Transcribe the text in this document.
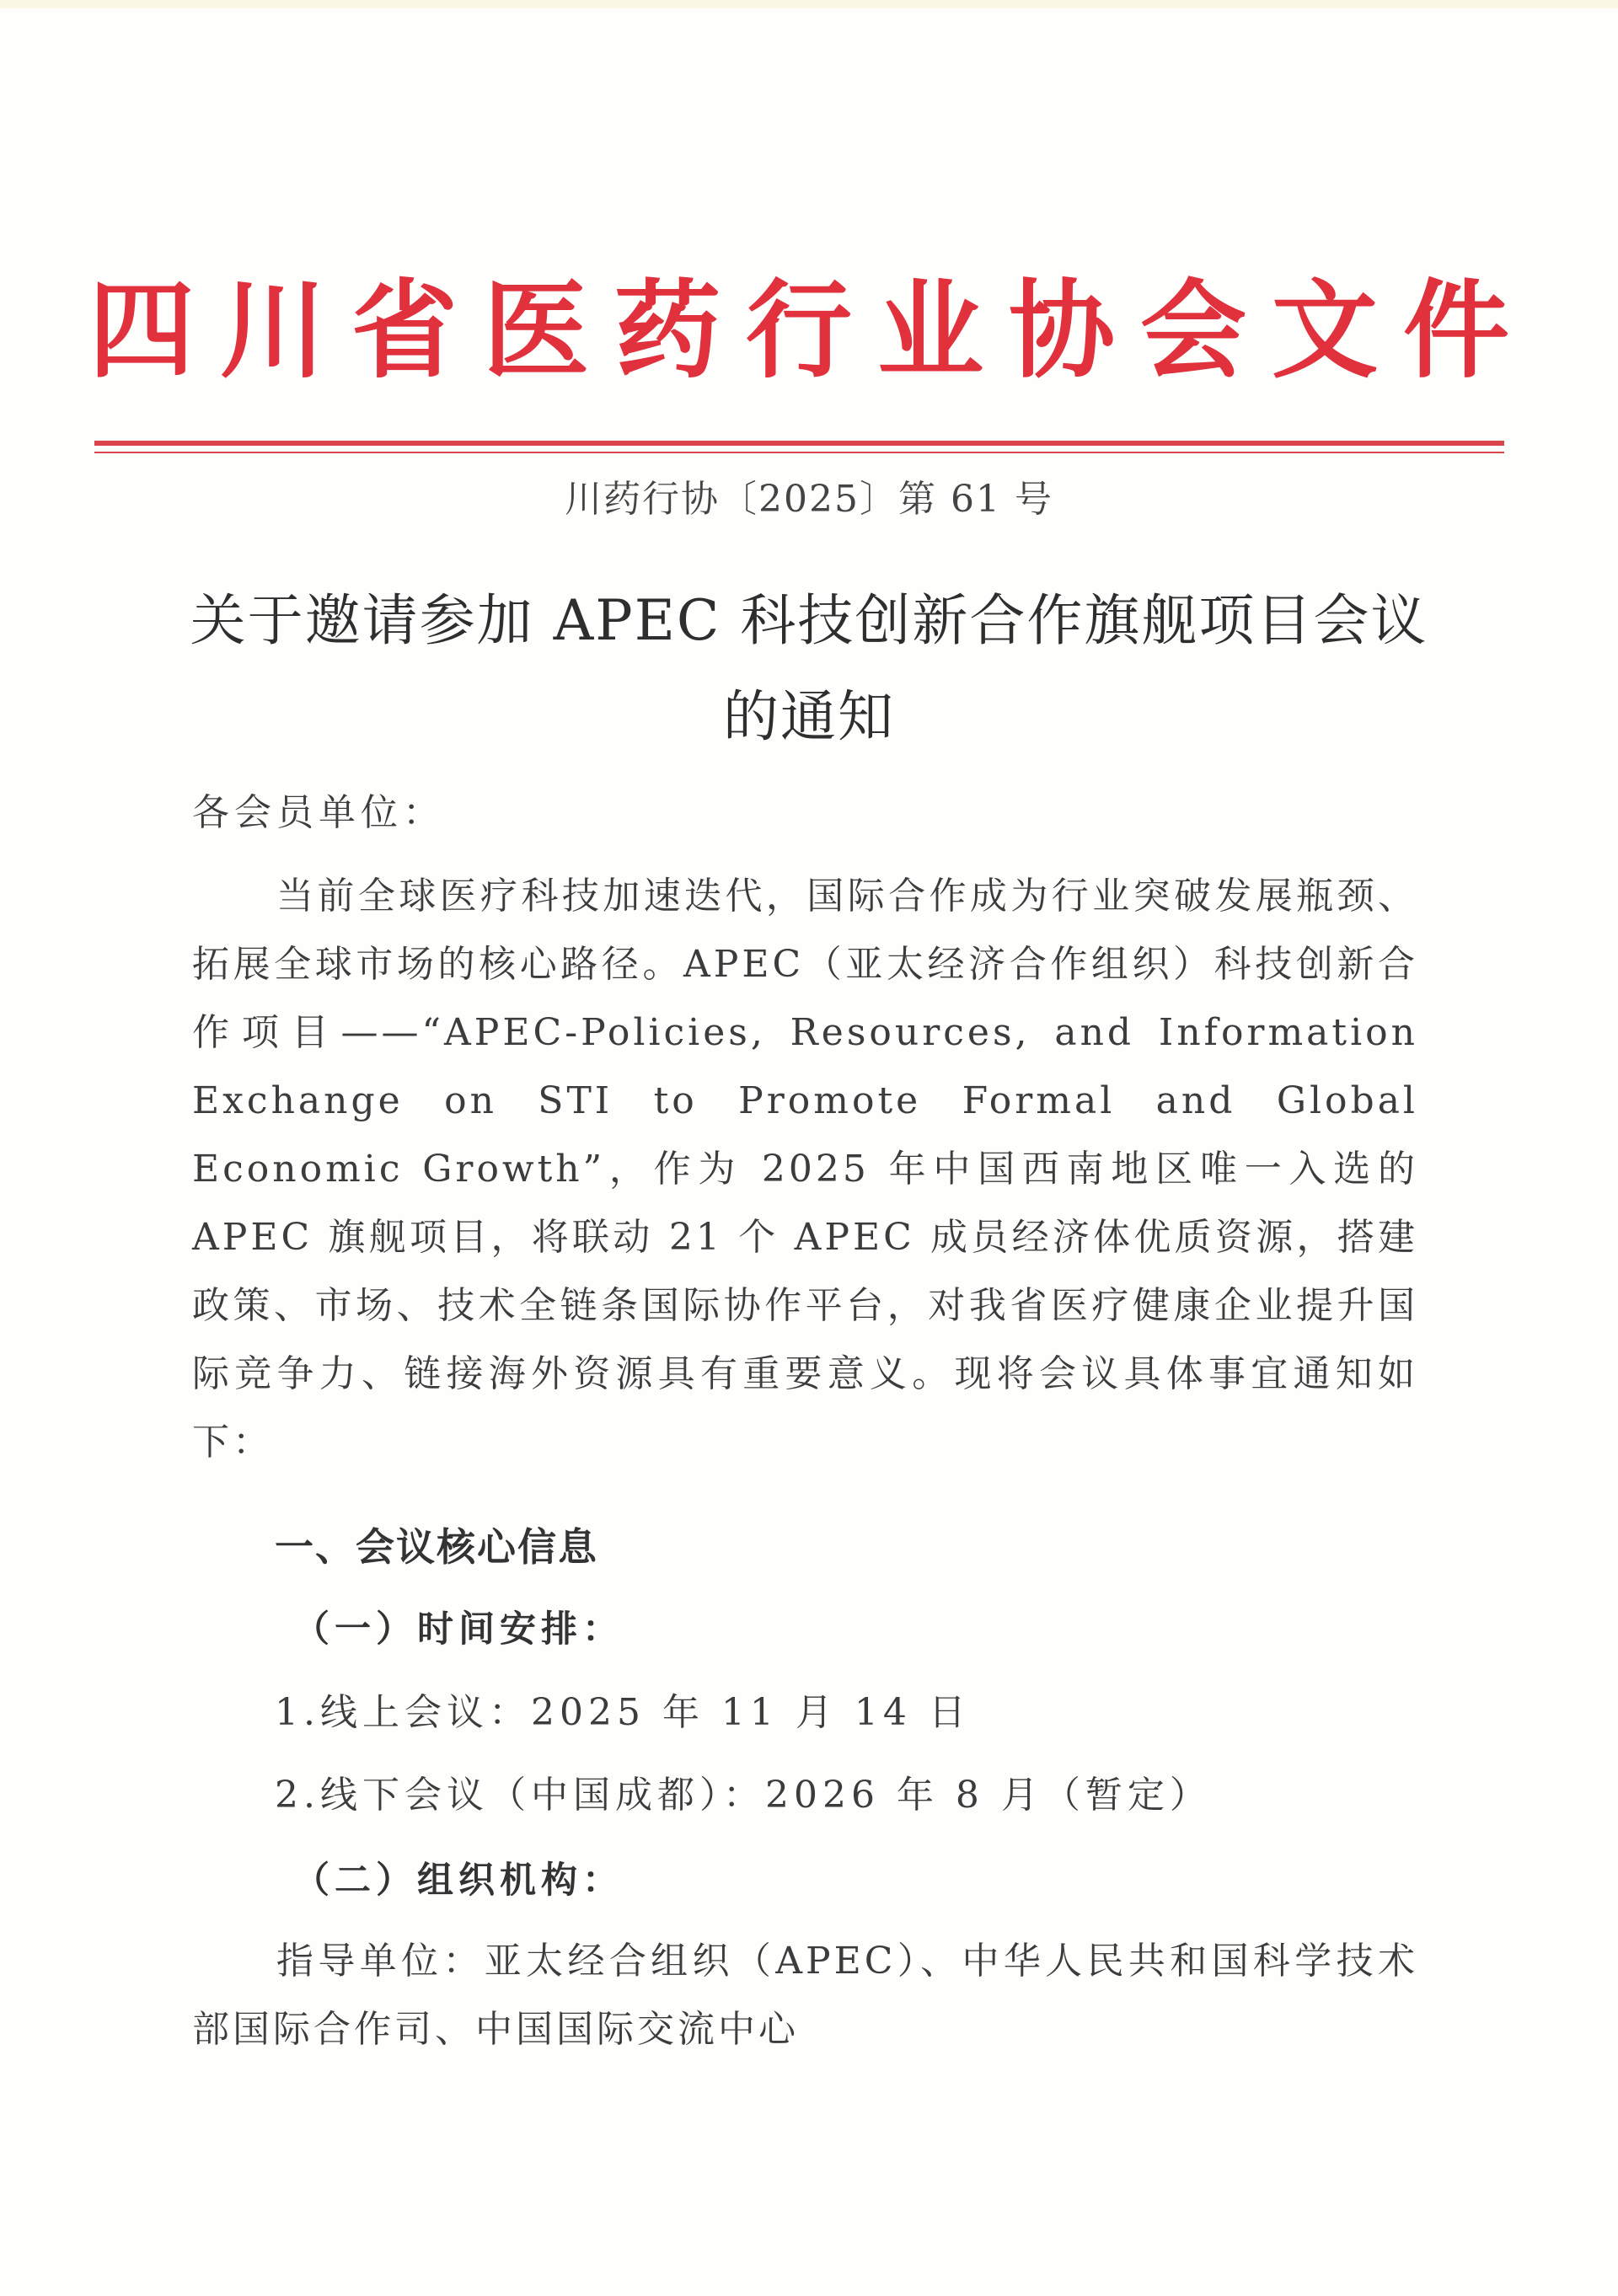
四川省医药行业协会文件
川药行协〔2025〕第 61 号
关于邀请参加 APEC 科技创新合作旗舰项目会议的通知
各会员单位：
当前全球医疗科技加速迭代，国际合作成为行业突破发展瓶颈、拓展全球市场的核心路径。APEC（亚太经济合作组织）科技创新合作项目——“APEC-Policies, Resources, and Information Exchange on STI to Promote Formal and Global Economic Growth”，作为 2025 年中国西南地区唯一入选的 APEC 旗舰项目，将联动 21 个 APEC 成员经济体优质资源，搭建政策、市场、技术全链条国际协作平台，对我省医疗健康企业提升国际竞争力、链接海外资源具有重要意义。现将会议具体事宜通知如下：
一、会议核心信息
（一）时间安排：
1.线上会议：2025 年 11 月 14 日
2.线下会议（中国成都）：2026 年 8 月（暂定）
（二）组织机构：
指导单位：亚太经合组织（APEC）、中华人民共和国科学技术部国际合作司、中国国际交流中心
